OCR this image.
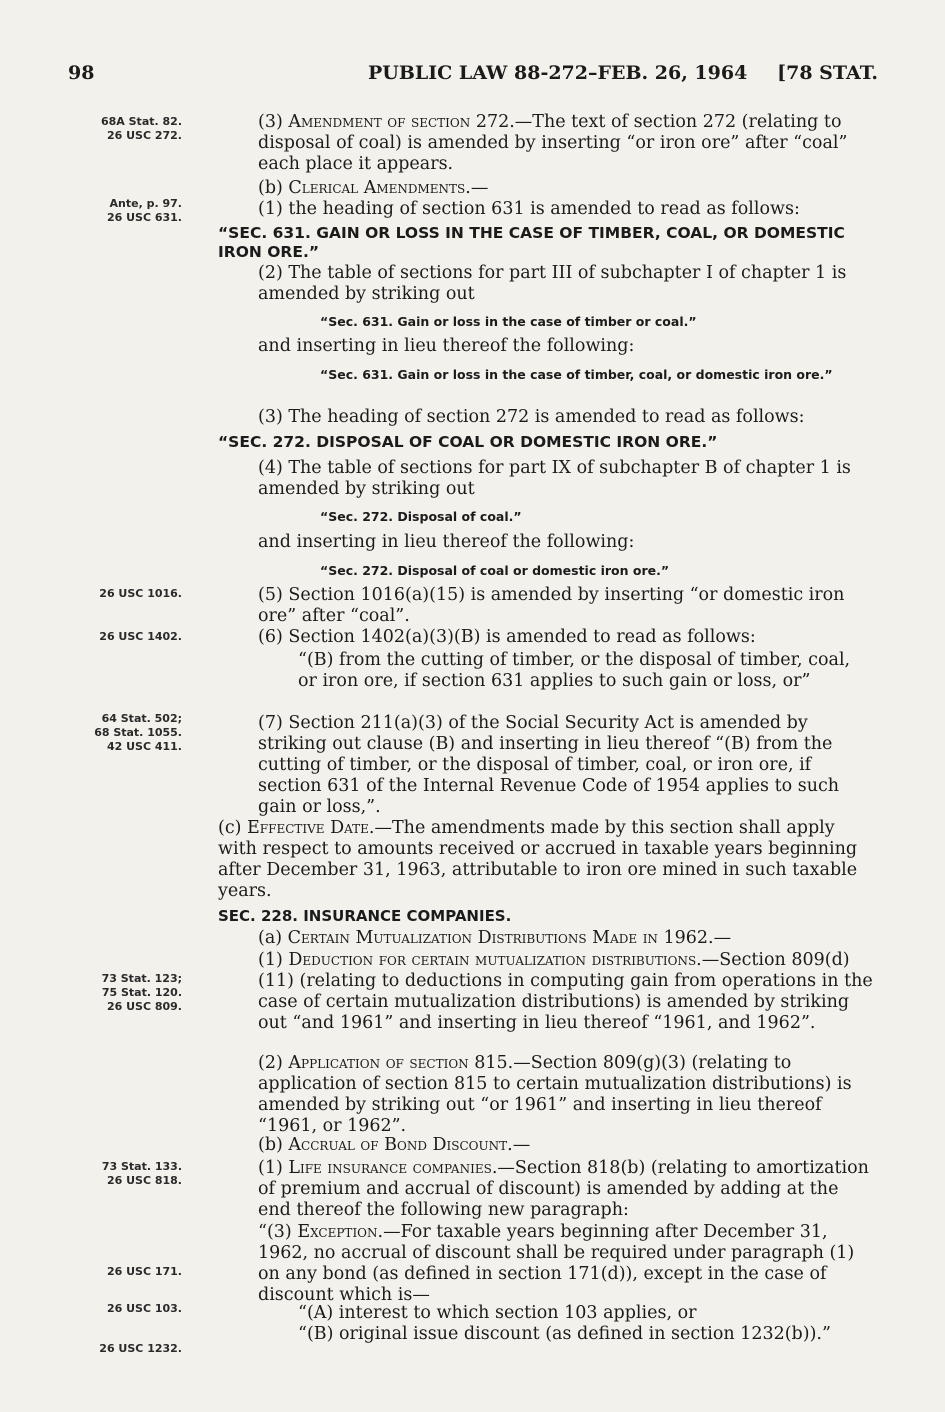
98	PUBLIC LAW 88-272–FEB. 26, 1964 [78 STAT.
68A Stat. 82.
26 USC 272.
Ante, p. 97.
26 USC 631.
26 USC 1016.
26 USC 1402.
64 Stat. 502;
68 Stat. 1055.
42 USC 411.
73 Stat. 123;
75 Stat. 120.
26 USC 809.
73 Stat. 133.
26 USC 818.
26 USC 171.
26 USC 103.
26 USC 1232.
(3) Amendment of section 272.—The text of section 272 (relating to disposal of coal) is amended by inserting “or iron ore” after “coal” each place it appears.
(b) Clerical Amendments.—
(1) the heading of section 631 is amended to read as follows:
“SEC. 631. GAIN OR LOSS IN THE CASE OF TIMBER, COAL, OR DOMESTIC IRON ORE.”
(2) The table of sections for part III of subchapter I of chapter 1 is amended by striking out
“Sec. 631. Gain or loss in the case of timber or coal.”
and inserting in lieu thereof the following:
“Sec. 631. Gain or loss in the case of timber, coal, or domestic iron ore.”
(3) The heading of section 272 is amended to read as follows:
“SEC. 272. DISPOSAL OF COAL OR DOMESTIC IRON ORE.”
(4) The table of sections for part IX of subchapter B of chapter 1 is amended by striking out
“Sec. 272. Disposal of coal.”
and inserting in lieu thereof the following:
“Sec. 272. Disposal of coal or domestic iron ore.”
(5) Section 1016(a)(15) is amended by inserting “or domestic iron ore” after “coal”.
(6) Section 1402(a)(3)(B) is amended to read as follows:
“(B) from the cutting of timber, or the disposal of timber, coal, or iron ore, if section 631 applies to such gain or loss, or”
(7) Section 211(a)(3) of the Social Security Act is amended by striking out clause (B) and inserting in lieu thereof “(B) from the cutting of timber, or the disposal of timber, coal, or iron ore, if section 631 of the Internal Revenue Code of 1954 applies to such gain or loss,”.
(c) Effective Date.—The amendments made by this section shall apply with respect to amounts received or accrued in taxable years beginning after December 31, 1963, attributable to iron ore mined in such taxable years.
SEC. 228. INSURANCE COMPANIES.
(a) Certain Mutualization Distributions Made in 1962.—
(1) Deduction for certain mutualization distributions.—Section 809(d)(11) (relating to deductions in computing gain from operations in the case of certain mutualization distributions) is amended by striking out “and 1961” and inserting in lieu thereof “1961, and 1962”.
(2) Application of section 815.—Section 809(g)(3) (relating to application of section 815 to certain mutualization distributions) is amended by striking out “or 1961” and inserting in lieu thereof “1961, or 1962”.
(b) Accrual of Bond Discount.—
(1) Life insurance companies.—Section 818(b) (relating to amortization of premium and accrual of discount) is amended by adding at the end thereof the following new paragraph:
“(3) Exception.—For taxable years beginning after December 31, 1962, no accrual of discount shall be required under paragraph (1) on any bond (as defined in section 171(d)), except in the case of discount which is—
“(A) interest to which section 103 applies, or
“(B) original issue discount (as defined in section 1232(b)).”
